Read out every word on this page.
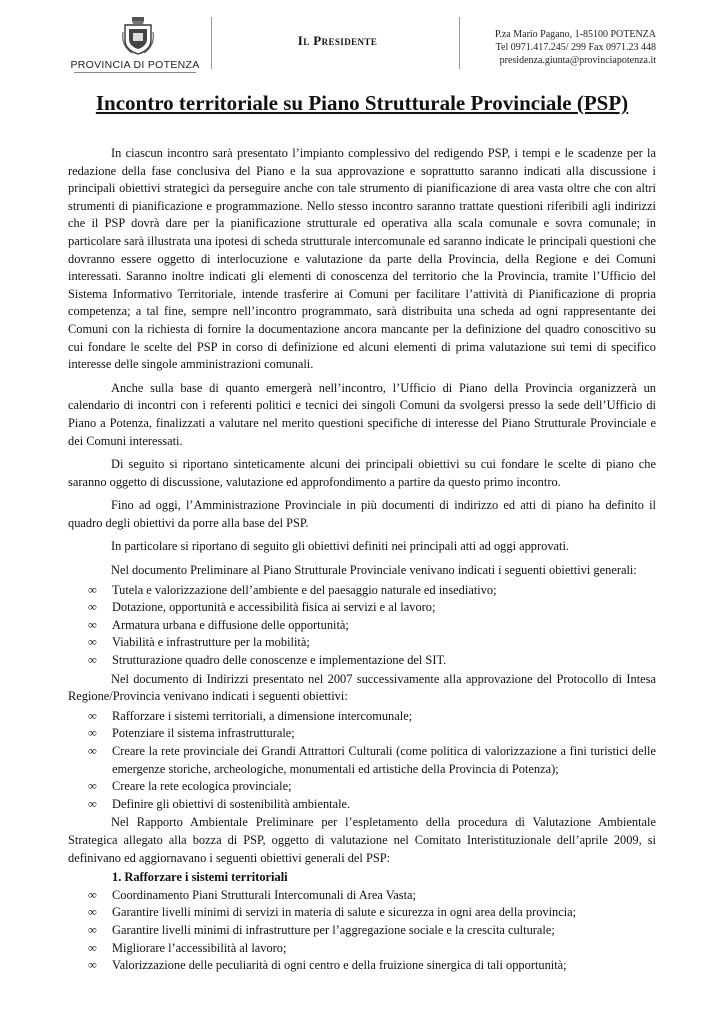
PROVINCIA DI POTENZA
Il Presidente	P.za Mario Pagano, 1-85100 POTENZA
Tel 0971.417.245/ 299 Fax 0971.23 448
presidenza.giunta@provinciapotenza.it
Incontro territoriale su Piano Strutturale Provinciale (PSP)

In ciascun incontro sarà presentato l’impianto complessivo del redigendo PSP, i tempi e le scadenze per la redazione della fase conclusiva del Piano e la sua approvazione e soprattutto saranno indicati alla discussione i principali obiettivi strategici da perseguire anche con tale strumento di pianificazione di area vasta oltre che con altri strumenti di pianificazione e programmazione. Nello stesso incontro saranno trattate questioni riferibili agli indirizzi che il PSP dovrà dare per la pianificazione strutturale ed operativa alla scala comunale e sovra comunale; in particolare sarà illustrata una ipotesi di scheda strutturale intercomunale ed saranno indicate le principali questioni che dovranno essere oggetto di interlocuzione e valutazione da parte della Provincia, della Regione e dei Comuni interessati. Saranno inoltre indicati gli elementi di conoscenza del territorio che la Provincia, tramite l’Ufficio del Sistema Informativo Territoriale, intende trasferire ai Comuni per facilitare l’attività di Pianificazione di propria competenza; a tal fine, sempre nell’incontro programmato, sarà distribuita una scheda ad ogni rappresentante dei Comuni con la richiesta di fornire la documentazione ancora mancante per la definizione del quadro conoscitivo su cui fondare le scelte del PSP in corso di definizione ed alcuni elementi di prima valutazione sui temi di specifico interesse delle singole amministrazioni comunali.

Anche sulla base di quanto emergerà nell’incontro, l’Ufficio di Piano della Provincia organizzerà un calendario di incontri con i referenti politici e tecnici dei singoli Comuni da svolgersi presso la sede dell’Ufficio di Piano a Potenza, finalizzati a valutare nel merito questioni specifiche di interesse del Piano Strutturale Provinciale e dei Comuni interessati.

Di seguito si riportano sinteticamente alcuni dei principali obiettivi su cui fondare le scelte di piano che saranno oggetto di discussione, valutazione ed approfondimento a partire da questo primo incontro.

Fino ad oggi, l’Amministrazione Provinciale in più documenti di indirizzo ed atti di piano ha definito il quadro degli obiettivi da porre alla base del PSP.

In particolare si riportano di seguito gli obiettivi definiti nei principali atti ad oggi approvati.

Nel documento Preliminare al Piano Strutturale Provinciale venivano indicati i seguenti obiettivi generali:

∞ Tutela e valorizzazione dell’ambiente e del paesaggio naturale ed insediativo;
∞ Dotazione, opportunità e accessibilità fisica ai servizi e al lavoro;
∞ Armatura urbana e diffusione delle opportunità;
∞ Viabilità e infrastrutture per la mobilità;
∞ Strutturazione quadro delle conoscenze e implementazione del SIT.

Nel documento di Indirizzi presentato nel 2007 successivamente alla approvazione del Protocollo di Intesa Regione/Provincia venivano indicati i seguenti obiettivi:

∞ Rafforzare i sistemi territoriali, a dimensione intercomunale;
∞ Potenziare il sistema infrastrutturale;
∞ Creare la rete provinciale dei Grandi Attrattori Culturali (come politica di valorizzazione a fini turistici delle emergenze storiche, archeologiche, monumentali ed artistiche della Provincia di Potenza);
∞ Creare la rete ecologica provinciale;
∞ Definire gli obiettivi di sostenibilità ambientale.

Nel Rapporto Ambientale Preliminare per l’espletamento della procedura di Valutazione Ambientale Strategica allegato alla bozza di PSP, oggetto di valutazione nel Comitato Interistituzionale dell’aprile 2009, si definivano ed aggiornavano i seguenti obiettivi generali del PSP:

1. Rafforzare i sistemi territoriali
∞ Coordinamento Piani Strutturali Intercomunali di Area Vasta;
∞ Garantire livelli minimi di servizi in materia di salute e sicurezza in ogni area della provincia;
∞ Garantire livelli minimi di infrastrutture per l’aggregazione sociale e la crescita culturale;
∞ Migliorare l’accessibilità al lavoro;
∞ Valorizzazione delle peculiarità di ogni centro e della fruizione sinergica di tali opportunità;
